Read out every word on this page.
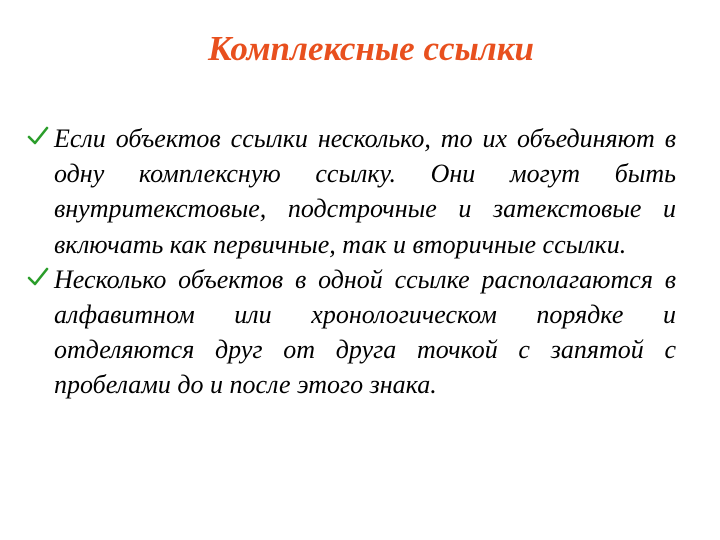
Комплексные ссылки
Если объектов ссылки несколько, то их объединяют в одну комплексную ссылку. Они могут быть внутритекстовые, подстрочные и затекстовые и включать как первичные, так и вторичные ссылки.
Несколько объектов в одной ссылке располагаются в алфавитном или хронологическом порядке и отделяются друг от друга точкой с запятой с пробелами до и после этого знака.
